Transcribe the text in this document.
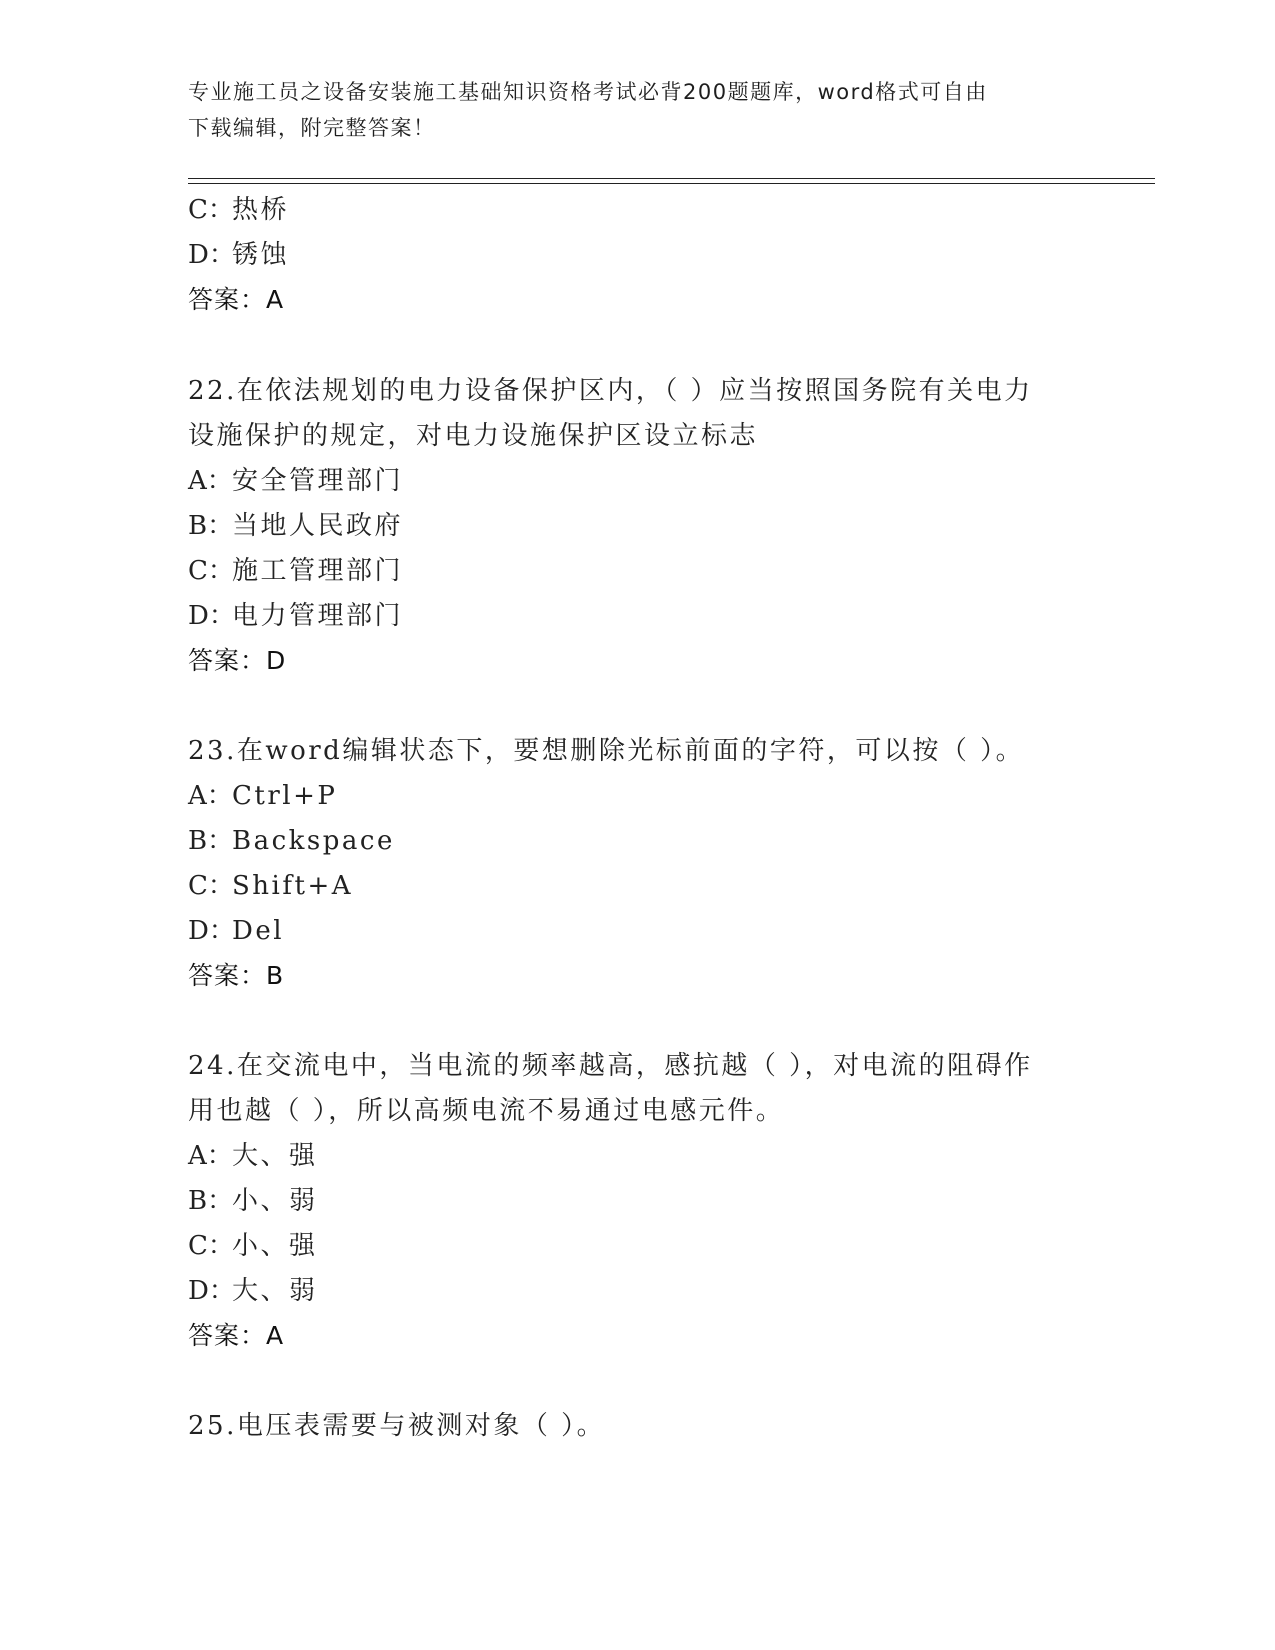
专业施工员之设备安装施工基础知识资格考试必背200题题库，word格式可自由
下载编辑，附完整答案！
C：热桥
D：锈蚀
答案：A
22.在依法规划的电力设备保护区内，（ ）应当按照国务院有关电力
设施保护的规定，对电力设施保护区设立标志
A：安全管理部门
B：当地人民政府
C：施工管理部门
D：电力管理部门
答案：D
23.在word编辑状态下，要想删除光标前面的字符，可以按（ ）。
A：Ctrl+P
B：Backspace
C：Shift+A
D：Del
答案：B
24.在交流电中，当电流的频率越高，感抗越（ ），对电流的阻碍作
用也越（ ），所以高频电流不易通过电感元件。
A：大、强
B：小、弱
C：小、强
D：大、弱
答案：A
25.电压表需要与被测对象（ ）。
